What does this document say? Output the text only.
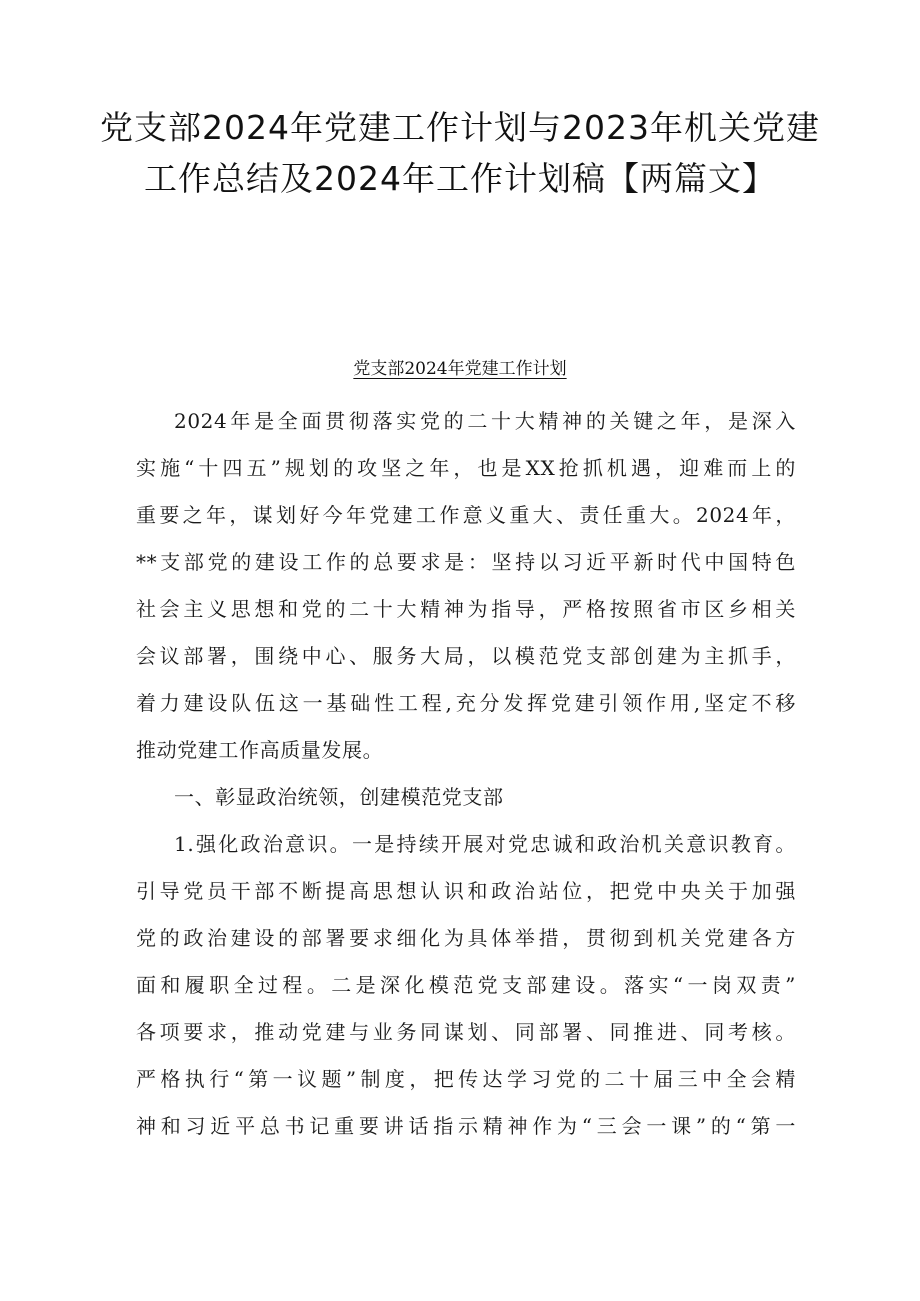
党支部2024年党建工作计划与2023年机关党建工作总结及2024年工作计划稿【两篇文】
党支部2024年党建工作计划
2024年是全面贯彻落实党的二十大精神的关键之年，是深入
实施“十四五”规划的攻坚之年，也是XX抢抓机遇，迎难而上的
重要之年，谋划好今年党建工作意义重大、责任重大。2024年，
**支部党的建设工作的总要求是：坚持以习近平新时代中国特色
社会主义思想和党的二十大精神为指导，严格按照省市区乡相关
会议部署，围绕中心、服务大局，以模范党支部创建为主抓手，
着力建设队伍这一基础性工程,充分发挥党建引领作用,坚定不移
推动党建工作高质量发展。
一、彰显政治统领，创建模范党支部
1.强化政治意识。一是持续开展对党忠诚和政治机关意识教育。
引导党员干部不断提高思想认识和政治站位，把党中央关于加强
党的政治建设的部署要求细化为具体举措，贯彻到机关党建各方
面和履职全过程。二是深化模范党支部建设。落实“一岗双责”
各项要求，推动党建与业务同谋划、同部署、同推进、同考核。
严格执行“第一议题”制度，把传达学习党的二十届三中全会精
神和习近平总书记重要讲话指示精神作为“三会一课”的“第一
